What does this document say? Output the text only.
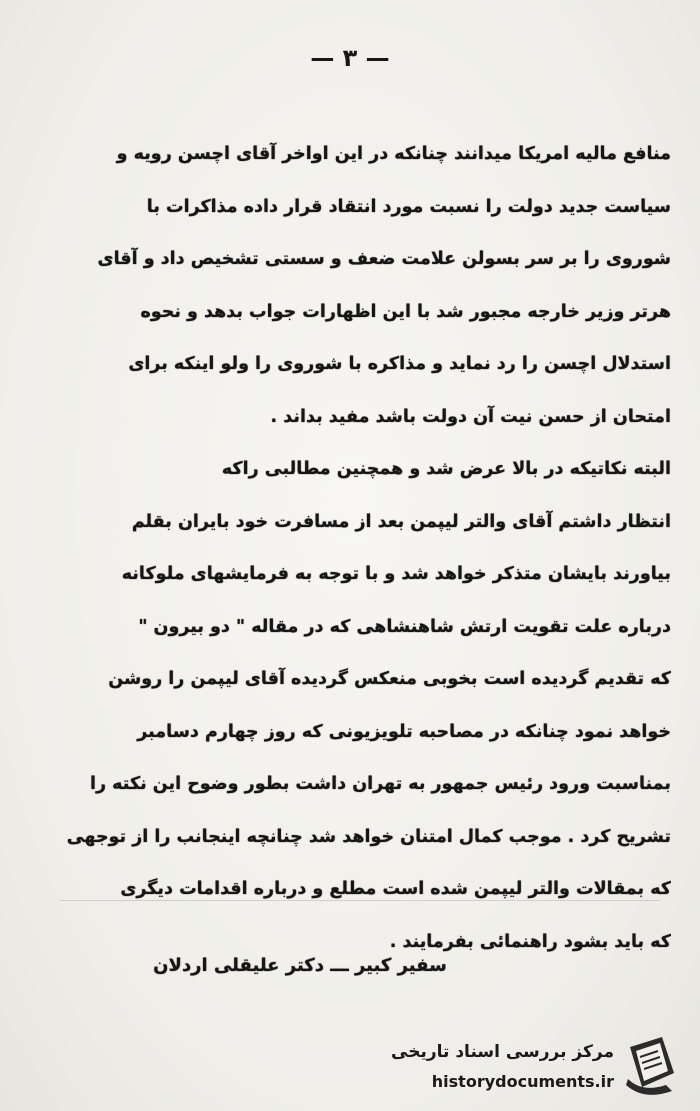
— ۳ —
منافع مالیه امریکا میدانند چنانکه در این اواخر آقای اچسن رویه و
سیاست جدید دولت را نسبت مورد انتقاد قرار داده مذاکرات با
شوروی را بر سر بسولن علامت ضعف و سستی تشخیص داد و آقای
هرتر وزیر خارجه مجبور شد با این اظهارات جواب بدهد و نحوه
استدلال اچسن را رد نماید و مذاکره با شوروی را ولو اینکه برای
امتحان از حسن نیت آن دولت باشد مفید بداند .
البته نکاتیکه در بالا عرض شد و همچنین مطالبی راکه
انتظار داشتم آقای والتر لیپمن بعد از مسافرت خود بایران بقلم
بیاورند بایشان متذکر خواهد شد و با توجه به فرمایشهای ملوکانه
درباره علت تقویت ارتش شاهنشاهی که در مقاله " دو بیرون "
که تقدیم گردیده است بخوبی منعکس گردیده آقای لیپمن را روشن
خواهد نمود چنانکه در مصاحبه تلویزیونی که روز چهارم دسامبر
بمناسبت ورود رئیس جمهور به تهران داشت بطور وضوح این نکته را
تشریح کرد . موجب کمال امتنان خواهد شد چنانچه اینجانب را از توجهی
که بمقالات والتر لیپمن شده است مطلع و درباره اقدامات دیگری
که باید بشود راهنمائی بفرمایند .
سفیر کبیر ـــ دکتر علیقلی اردلان
مرکز بررسی اسناد تاریخی
historydocuments.ir
